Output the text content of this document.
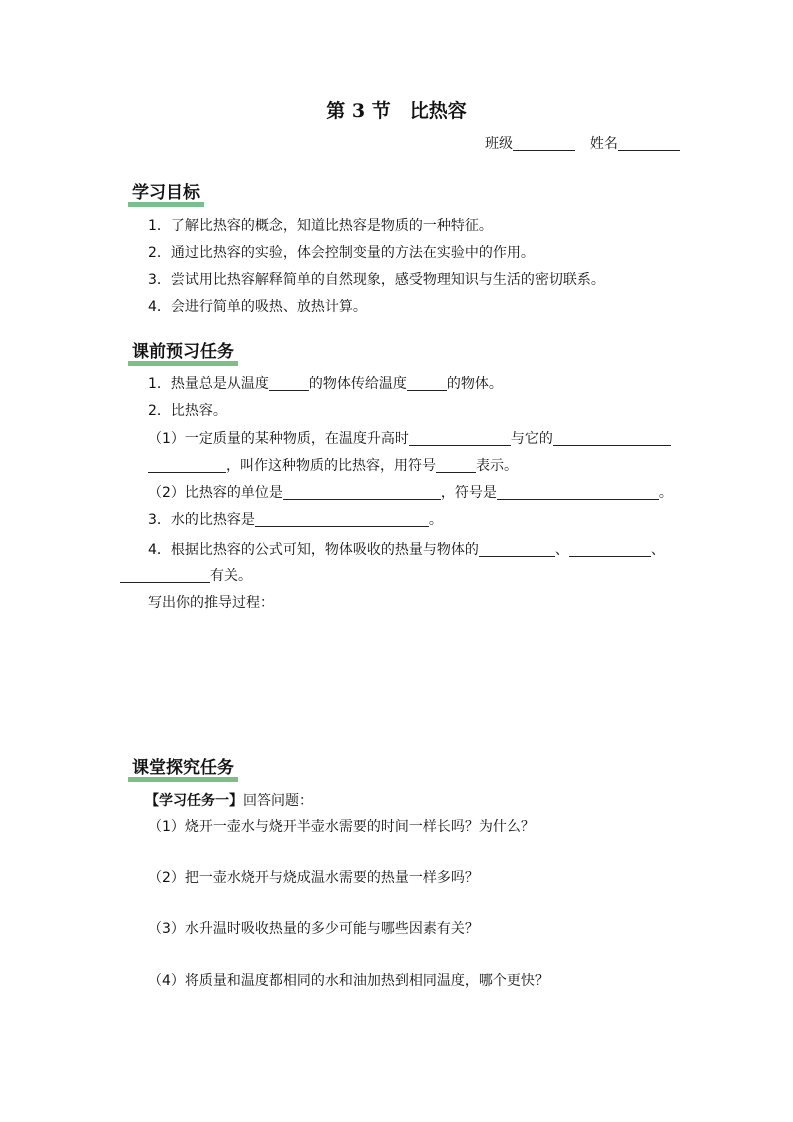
第 3 节　比热容
班级	姓名
学习目标
1．了解比热容的概念，知道比热容是物质的一种特征。
2．通过比热容的实验，体会控制变量的方法在实验中的作用。
3．尝试用比热容解释简单的自然现象，感受物理知识与生活的密切联系。
4．会进行简单的吸热、放热计算。
课前预习任务
1．热量总是从温度	的物体传给温度	的物体。
2．比热容。
（1）一定质量的某种物质，在温度升高时	与它的
，叫作这种物质的比热容，用符号	表示。
（2）比热容的单位是	，符号是	。
3．水的比热容是	。
4．根据比热容的公式可知，物体吸收的热量与物体的	、	、
有关。
写出你的推导过程：
课堂探究任务
【学习任务一】回答问题：
（1）烧开一壶水与烧开半壶水需要的时间一样长吗？为什么？
（2）把一壶水烧开与烧成温水需要的热量一样多吗？
（3）水升温时吸收热量的多少可能与哪些因素有关？
（4）将质量和温度都相同的水和油加热到相同温度，哪个更快？
